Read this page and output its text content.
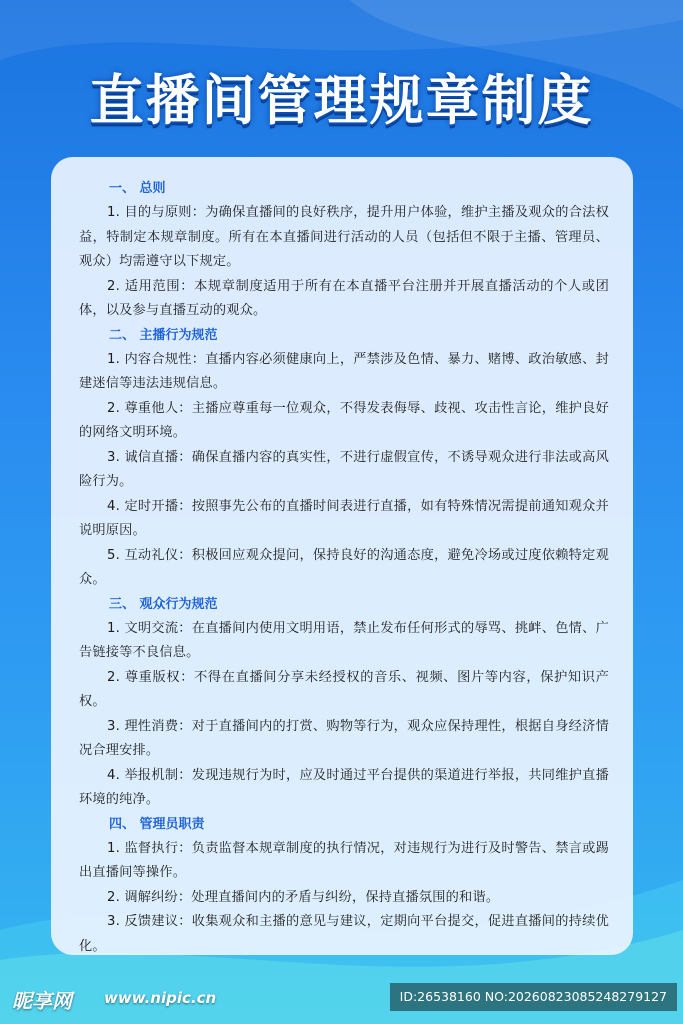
直播间管理规章制度

一、 总则

1. 目的与原则：为确保直播间的良好秩序，提升用户体验，维护主播及观众的合法权益，特制定本规章制度。所有在本直播间进行活动的人员（包括但不限于主播、管理员、观众）均需遵守以下规定。

2. 适用范围：本规章制度适用于所有在本直播平台注册并开展直播活动的个人或团体，以及参与直播互动的观众。

二、 主播行为规范

1. 内容合规性：直播内容必须健康向上，严禁涉及色情、暴力、赌博、政治敏感、封建迷信等违法违规信息。

2. 尊重他人：主播应尊重每一位观众，不得发表侮辱、歧视、攻击性言论，维护良好的网络文明环境。

3. 诚信直播：确保直播内容的真实性，不进行虚假宣传，不诱导观众进行非法或高风险行为。

4. 定时开播：按照事先公布的直播时间表进行直播，如有特殊情况需提前通知观众并说明原因。

5. 互动礼仪：积极回应观众提问，保持良好的沟通态度，避免冷场或过度依赖特定观众。

三、 观众行为规范

1. 文明交流：在直播间内使用文明用语，禁止发布任何形式的辱骂、挑衅、色情、广告链接等不良信息。

2. 尊重版权：不得在直播间分享未经授权的音乐、视频、图片等内容，保护知识产权。

3. 理性消费：对于直播间内的打赏、购物等行为，观众应保持理性，根据自身经济情况合理安排。

4. 举报机制：发现违规行为时，应及时通过平台提供的渠道进行举报，共同维护直播环境的纯净。

四、 管理员职责

1. 监督执行：负责监督本规章制度的执行情况，对违规行为进行及时警告、禁言或踢出直播间等操作。

2. 调解纠纷：处理直播间内的矛盾与纠纷，保持直播氛围的和谐。

3. 反馈建议：收集观众和主播的意见与建议，定期向平台提交，促进直播间的持续优化。

昵享网 www.nipic.cn	ID:26538160 NO:20260823085248279127
